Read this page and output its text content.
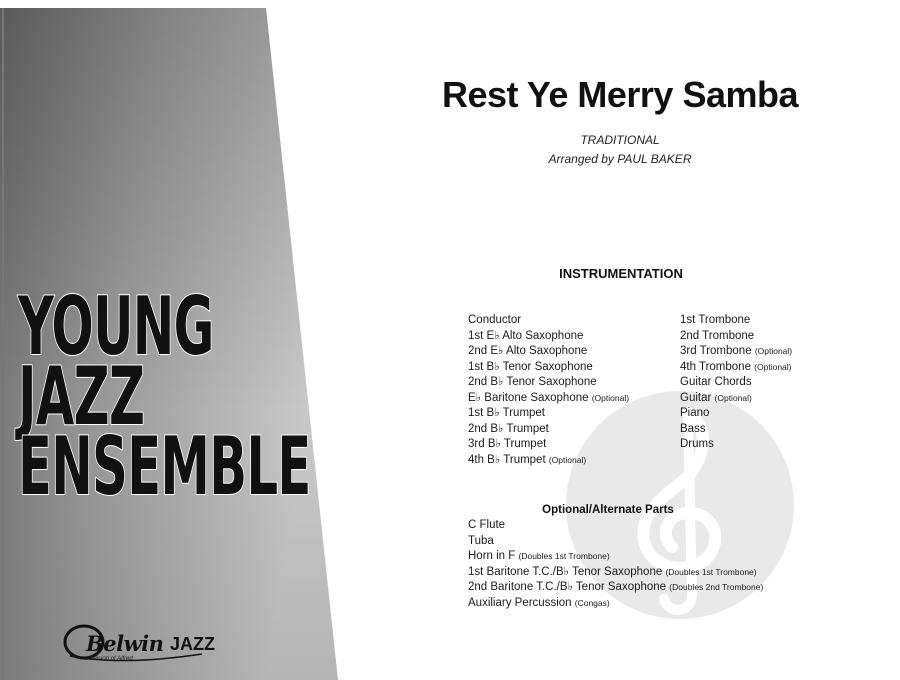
YOUNG
JAZZ
ENSEMBLE
Belwin JAZZ
a division of Alfred
Rest Ye Merry Samba
TRADITIONAL
Arranged by PAUL BAKER
INSTRUMENTATION
Conductor
1st E♭ Alto Saxophone
2nd E♭ Alto Saxophone
1st B♭ Tenor Saxophone
2nd B♭ Tenor Saxophone
E♭ Baritone Saxophone (Optional)
1st B♭ Trumpet
2nd B♭ Trumpet
3rd B♭ Trumpet
4th B♭ Trumpet (Optional)
1st Trombone
2nd Trombone
3rd Trombone (Optional)
4th Trombone (Optional)
Guitar Chords
Guitar (Optional)
Piano
Bass
Drums
Optional/Alternate Parts
C Flute
Tuba
Horn in F (Doubles 1st Trombone)
1st Baritone T.C./B♭ Tenor Saxophone (Doubles 1st Trombone)
2nd Baritone T.C./B♭ Tenor Saxophone (Doubles 2nd Trombone)
Auxiliary Percussion (Congas)
